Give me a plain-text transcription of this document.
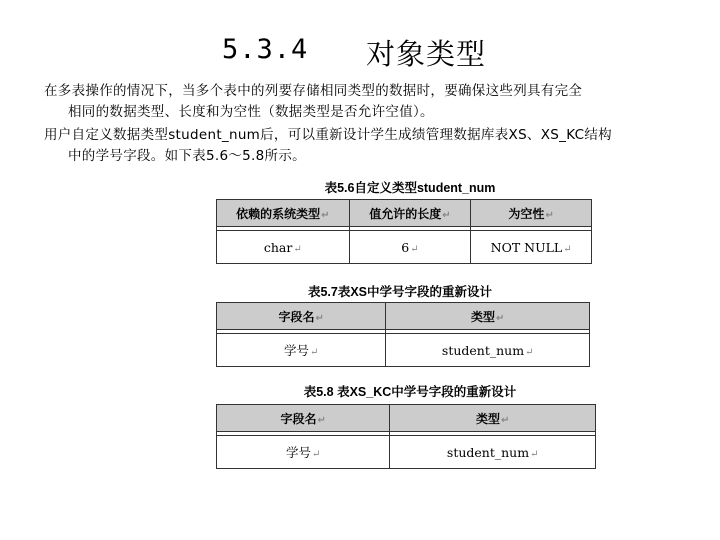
5.3.4 对象类型
在多表操作的情况下，当多个表中的列要存储相同类型的数据时，要确保这些列具有完全
相同的数据类型、长度和为空性（数据类型是否允许空值）。
用户自定义数据类型student_num后，可以重新设计学生成绩管理数据库表XS、XS_KC结构
中的学号字段。如下表5.6～5.8所示。
表5.6自定义类型student_num
依赖的系统类型↵	值允许的长度↵	为空性↵

char↵	6↵	NOT NULL↵
表5.7表XS中学号字段的重新设计
字段名↵	类型↵

学号↵	student_num↵
表5.8 表XS_KC中学号字段的重新设计
字段名↵	类型↵

学号↵	student_num↵
